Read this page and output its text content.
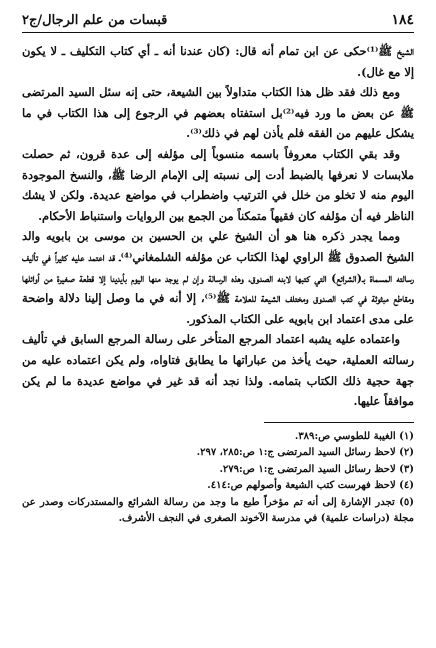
١٨٤
قبسات من علم الرجال/ج٢

الشيخ ﷺ⁽¹⁾حكى عن ابن تمام أنه قال: (كان عندنا أنه ـ أي كتاب التكليف ـ لا يكون إلا مع غال).

ومع ذلك فقد ظل هذا الكتاب متداولاً بين الشيعة، حتى إنه سئل السيد المرتضى ﷺ عن بعض ما ورد فيه⁽²⁾بل استفتاه بعضهم في الرجوع إلى هذا الكتاب في ما يشكل عليهم من الفقه فلم يأذن لهم في ذلك⁽³⁾.

وقد بقي الكتاب معروفاً باسمه منسوباً إلى مؤلفه إلى عدة قرون، ثم حصلت ملابسات لا نعرفها بالضبط أدت إلى نسبته إلى الإمام الرضا ﷺ، والنسخ الموجودة اليوم منه لا تخلو من خلل في الترتيب واضطراب في مواضع عديدة. ولكن لا يشك الناظر فيه أن مؤلفه كان فقيهاً متمكناً من الجمع بين الروايات واستنباط الأحكام.

ومما يجدر ذكره هنا هو أن الشيخ علي بن الحسين بن موسى بن بابويه والد الشيخ الصدوق ﷺ الراوي لهذا الكتاب عن مؤلفه الشلمغاني⁽⁴⁾ـ قد اعتمد عليه كثيراً في تأليف رسالته المسماة بـ(الشرائع) التي كتبها لابنه الصدوق، وهذه الرسالة وإن لم يوجد منها اليوم بأيدينا إلا قطعة صغيرة من أوائلها ومقاطع مبثوثة في كتب الصدوق ومختلف الشيعة للعلامة ﷺ⁽⁵⁾، إلا أنه في ما وصل إلينا دلالة واضحة على مدى اعتماد ابن بابويه على الكتاب المذكور.

واعتماده عليه يشبه اعتماد المرجع المتأخر على رسالة المرجع السابق في تأليف رسالته العملية، حيث يأخذ من عباراتها ما يطابق فتاواه، ولم يكن اعتماده عليه من جهة حجية ذلك الكتاب بتمامه. ولذا نجد أنه قد غير في مواضع عديدة ما لم يكن موافقاً عليها.

(١) الغيبة للطوسي ص:٣٨٩.

(٢) لاحظ رسائل السيد المرتضى ج:١ ص:٢٨٥، ٢٩٧.

(٣) لاحظ رسائل السيد المرتضى ج:١ ص:٢٧٩.

(٤) لاحظ فهرست كتب الشيعة وأصولهم ص:٤١٤.

(٥) تجدر الإشارة إلى أنه تم مؤخراً طبع ما وجد من رسالة الشرائع والمستدركات وصدر عن مجلة (دراسات علمية) في مدرسة الآخوند الصغرى في النجف الأشرف.
